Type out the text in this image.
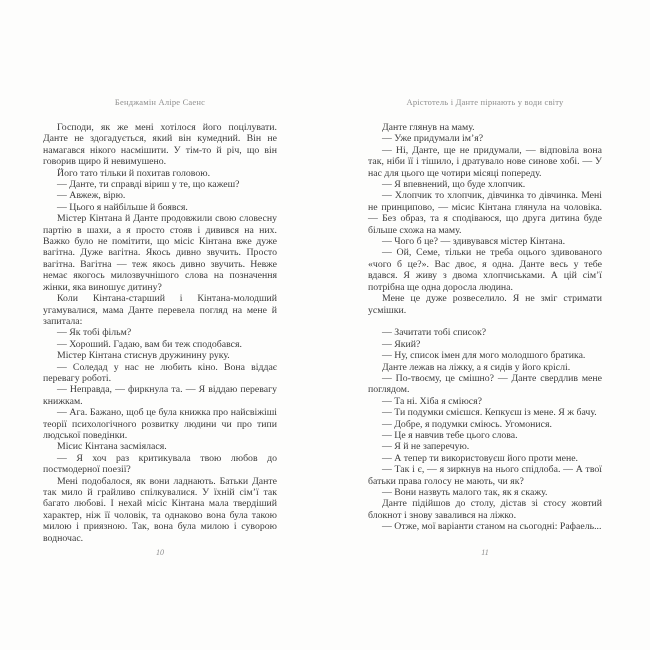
Бенджамін Аліре Саенс

Господи, як же мені хотілося його поцілувати. Данте не здогадується, який він кумедний. Він не намагався нікого насмішити. У тім-то й річ, що він говорив щиро й невимушено.

Його тато тільки й похитав головою.

— Данте, ти справді віриш у те, що кажеш?

— Авжеж, вірю.

— Цього я найбільше й боявся.

Містер Кінтана й Данте продовжили свою словесну партію в шахи, а я просто стояв і дивився на них. Важко було не помітити, що місіс Кінтана вже дуже вагітна. Дуже вагітна. Якось дивно звучить. Просто вагітна. Вагітна — теж якось дивно звучить. Невже немає якогось милозвучнішого слова на позначення жінки, яка виношує дитину?

Коли Кінтана-старший і Кінтана-молодший угамувалися, мама Данте перевела погляд на мене й запитала:

— Як тобі фільм?

— Хороший. Гадаю, вам би теж сподобався.

Містер Кінтана стиснув дружинину руку.

— Соледад у нас не любить кіно. Вона віддає перевагу роботі.

— Неправда, — фиркнула та. — Я віддаю перевагу книжкам.

— Ага. Бажано, щоб це була книжка про найсвіжіші теорії психологічного розвитку людини чи про типи людської поведінки.

Місис Кінтана засміялася.

— Я хоч раз критикувала твою любов до постмодерної поезії?

Мені подобалося, як вони ладнають. Батьки Данте так мило й грайливо спілкувалися. У їхній сім’ї так багато любові. І нехай місіс Кінтана мала твердіший характер, ніж її чоловік, та однаково вона була такою милою і приязною. Так, вона була милою і суворою водночас.

10
Арістотель і Данте пірнають у води світу

Данте глянув на маму.

— Уже придумали ім’я?

— Ні, Данте, ще не придумали, — відповіла вона так, ніби її і тішило, і дратувало нове синове хобі. — У нас для цього ще чотири місяці попереду.

— Я впевнений, що буде хлопчик.

— Хлопчик то хлопчик, дівчинка то дівчинка. Мені не принципово, — місис Кінтана глянула на чоловіка. — Без образ, та я сподіваюся, що друга дитина буде більше схожа на маму.

— Чого б це? — здивувався містер Кінтана.

— Ой, Семе, тільки не треба оцього здивованого «чого б це?». Вас двоє, я одна. Данте весь у тебе вдався. Я живу з двома хлопчиськами. А цій сім’ї потрібна ще одна доросла людина.

Мене це дуже розвеселило. Я не зміг стримати усмішки.

— Зачитати тобі список?

— Який?

— Ну, список імен для мого молодшого братика.

Данте лежав на ліжку, а я сидів у його кріслі.

— По-твоєму, це смішно? — Данте свердлив мене поглядом.

— Та ні. Хіба я сміюся?

— Ти подумки смієшся. Кепкуєш із мене. Я ж бачу.

— Добре, я подумки сміюсь. Угомонися.

— Це я навчив тебе цього слова.

— Я й не заперечую.

— А тепер ти використовуєш його проти мене.

— Так і є, — я зиркнув на нього спідлоба. — А твої батьки права голосу не мають, чи як?

— Вони назвуть малого так, як я скажу.

Данте підійшов до столу, дістав зі стосу жовтий блокнот і знову завалився на ліжко.

— Отже, мої варіанти станом на сьогодні: Рафаель...

11
